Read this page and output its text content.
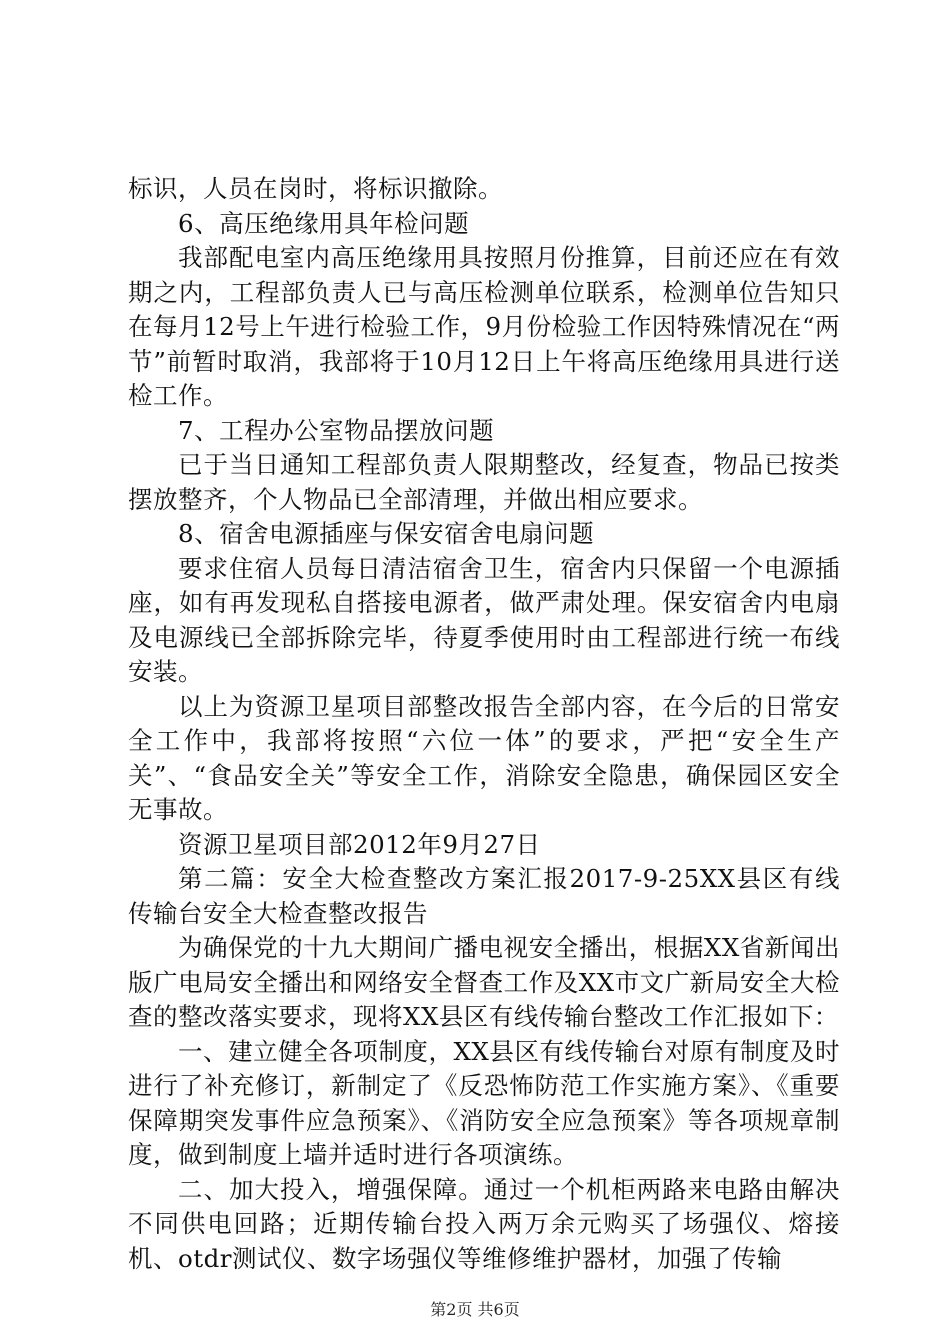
标识，人员在岗时，将标识撤除。

6、高压绝缘用具年检问题

我部配电室内高压绝缘用具按照月份推算，目前还应在有效期之内，工程部负责人已与高压检测单位联系，检测单位告知只在每月12号上午进行检验工作，9月份检验工作因特殊情况在“两节”前暂时取消，我部将于10月12日上午将高压绝缘用具进行送检工作。

7、工程办公室物品摆放问题

已于当日通知工程部负责人限期整改，经复查，物品已按类摆放整齐，个人物品已全部清理，并做出相应要求。

8、宿舍电源插座与保安宿舍电扇问题

要求住宿人员每日清洁宿舍卫生，宿舍内只保留一个电源插座，如有再发现私自搭接电源者，做严肃处理。保安宿舍内电扇及电源线已全部拆除完毕，待夏季使用时由工程部进行统一布线安装。

以上为资源卫星项目部整改报告全部内容，在今后的日常安全工作中，我部将按照“六位一体”的要求，严把“安全生产关”、“食品安全关”等安全工作，消除安全隐患，确保园区安全无事故。

资源卫星项目部2012年9月27日

第二篇：安全大检查整改方案汇报2017-9-25XX县区有线传输台安全大检查整改报告

为确保党的十九大期间广播电视安全播出，根据XX省新闻出版广电局安全播出和网络安全督查工作及XX市文广新局安全大检查的整改落实要求，现将XX县区有线传输台整改工作汇报如下：

一、建立健全各项制度，XX县区有线传输台对原有制度及时进行了补充修订，新制定了《反恐怖防范工作实施方案》、《重要保障期突发事件应急预案》、《消防安全应急预案》等各项规章制度，做到制度上墙并适时进行各项演练。

二、加大投入，增强保障。通过一个机柜两路来电路由解决不同供电回路；近期传输台投入两万余元购买了场强仪、熔接机、otdr测试仪、数字场强仪等维修维护器材，加强了传输

第2页 共6页
